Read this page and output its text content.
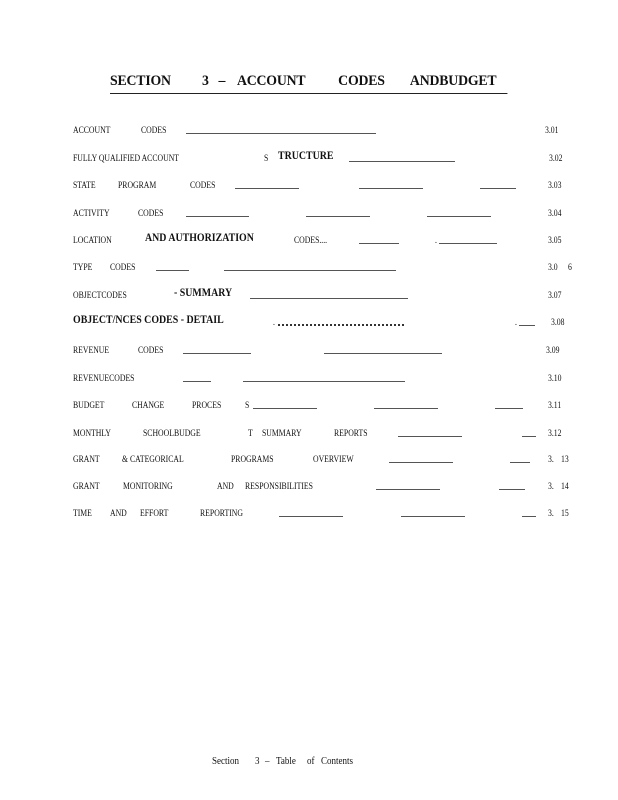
SECTION 3 – ACCOUNT CODES ANDBUDGET
ACCOUNT	CODES	3.01
FULLY QUALIFIED ACCOUNT	S TRUCTURE	3.02
STATE PROGRAM	CODES	3.03
ACTIVITY	CODES	3.04
LOCATION	AND AUTHORIZATION	CODES....	.	3.05
TYPE CODES	3.0 6
OBJECTCODES	- SUMMARY	3.07
OBJECT/NCES CODES - DETAIL	.	.	3.08
REVENUE	CODES	3.09
REVENUECODES	3.10
BUDGET	CHANGE	PROCES	S	3.11
MONTHLY	SCHOOLBUDGE	T SUMMARY	REPORTS	3.12
GRANT & CATEGORICAL	PROGRAMS	OVERVIEW	3. 13
GRANT	MONITORING	AND RESPONSIBILITIES	3. 14
TIME AND EFFORT	REPORTING	3. 15
Section 3 – Table of Contents
